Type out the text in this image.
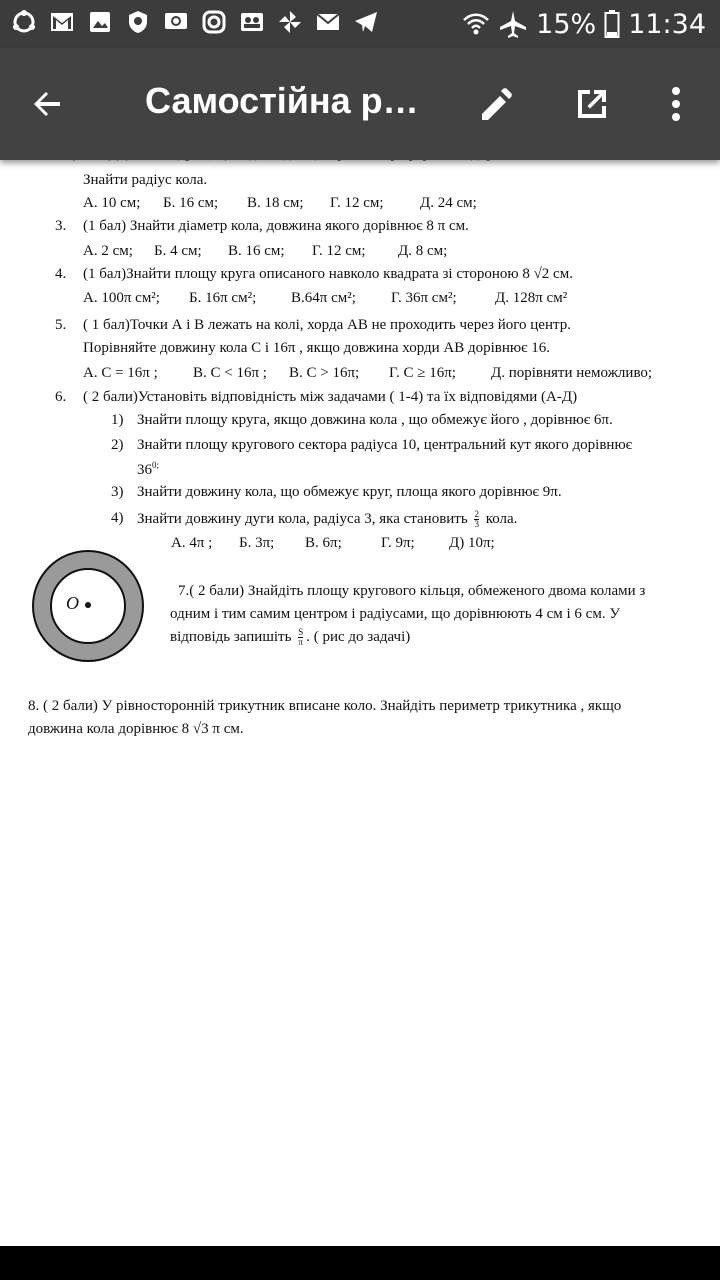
15% 11:34
Самостійна р…
Знайти радіус кола.
А. 10 см; Б. 16 см; В. 18 см; Г. 12 см; Д. 24 см;
3. (1 бал) Знайти діаметр кола, довжина якого дорівнює 8 π см.
А. 2 см; Б. 4 см; В. 16 см; Г. 12 см; Д. 8 см;
4. (1 бал)Знайти площу круга описаного навколо квадрата зі стороною 8 √2 см.
А. 100π см²; Б. 16π см²; В.64π см²; Г. 36π см²;	Д. 128π см²
5. ( 1 бал)Точки А і В лежать на колі, хорда АВ не проходить через його центр.
Порівняйте довжину кола С і 16π , якщо довжина хорди АВ дорівнює 16.
А. С = 16π ; В. С < 16π ; В. С > 16π; Г. С ≥ 16π; Д. порівняти неможливо;
6. ( 2 бали)Установіть відповідність між задачами ( 1-4) та їх відповідями (А-Д)
1) Знайти площу круга, якщо довжина кола , що обмежує його , дорівнює 6π.
2) Знайти площу кругового сектора радіуса 10, центральний кут якого дорівнює
$36^{0;}$
3) Знайти довжину кола, що обмежує круг, площа якого дорівнює 9π.
4) Знайти довжину дуги кола, радіуса 3, яка становить $\frac{2}{3}$ кола.
А. 4π ; Б. 3π; В. 6π;	Г. 9π; Д) 10π;
O
7.( 2 бали) Знайдіть площу кругового кільця, обмеженого двома колами з
одним і тим самим центром і радіусами, що дорівнюють 4 см і 6 см. У
відповідь запишіть $\frac{S}{\pi}$ . ( рис до задачі)
8. ( 2 бали) У рівносторонній трикутник вписане коло. Знайдіть периметр трикутника , якщо
довжина кола дорівнює 8 √3 π см.
